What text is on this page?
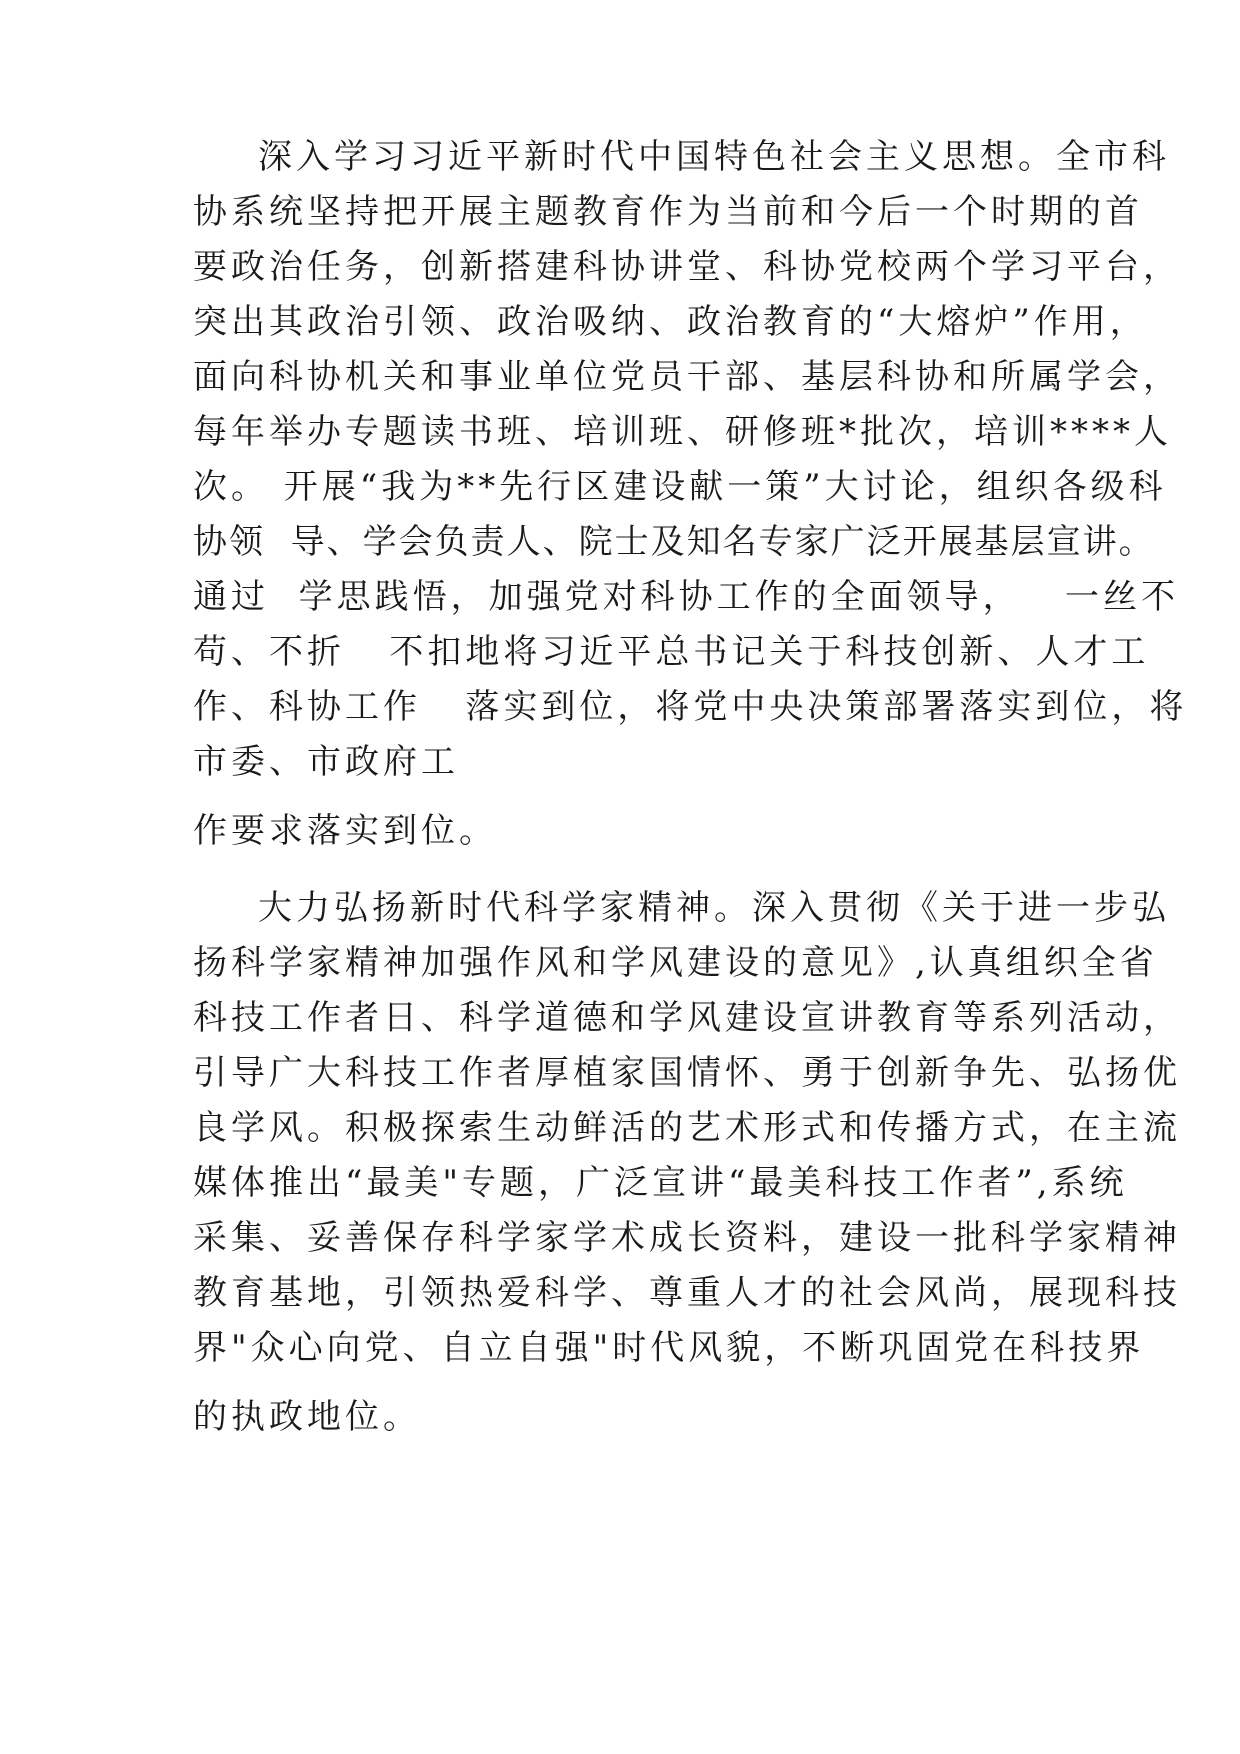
深入学习习近平新时代中国特色社会主义思想。全市科
协系统坚持把开展主题教育作为当前和今后一个时期的首
要政治任务，创新搭建科协讲堂、科协党校两个学习平台，
突出其政治引领、政治吸纳、政治教育的“大熔炉”作用，
面向科协机关和事业单位党员干部、基层科协和所属学会，
每年举办专题读书班、培训班、研修班*批次，培训****人
次。 开展“我为**先行区建设献一策”大讨论，组织各级科
协领  导、学会负责人、院士及知名专家广泛开展基层宣讲。
通过  学思践悟，加强党对科协工作的全面领导，   一丝不
苟、不折   不扣地将习近平总书记关于科技创新、人才工
作、科协工作   落实到位，将党中央决策部署落实到位，将
市委、市政府工
作要求落实到位。
大力弘扬新时代科学家精神。深入贯彻《关于进一步弘
扬科学家精神加强作风和学风建设的意见》,认真组织全省
科技工作者日、科学道德和学风建设宣讲教育等系列活动，
引导广大科技工作者厚植家国情怀、勇于创新争先、弘扬优
良学风。积极探索生动鲜活的艺术形式和传播方式，在主流
媒体推出“最美"专题，广泛宣讲“最美科技工作者”,系统
采集、妥善保存科学家学术成长资料，建设一批科学家精神
教育基地，引领热爱科学、尊重人才的社会风尚，展现科技
界"众心向党、自立自强"时代风貌，不断巩固党在科技界
的执政地位。
